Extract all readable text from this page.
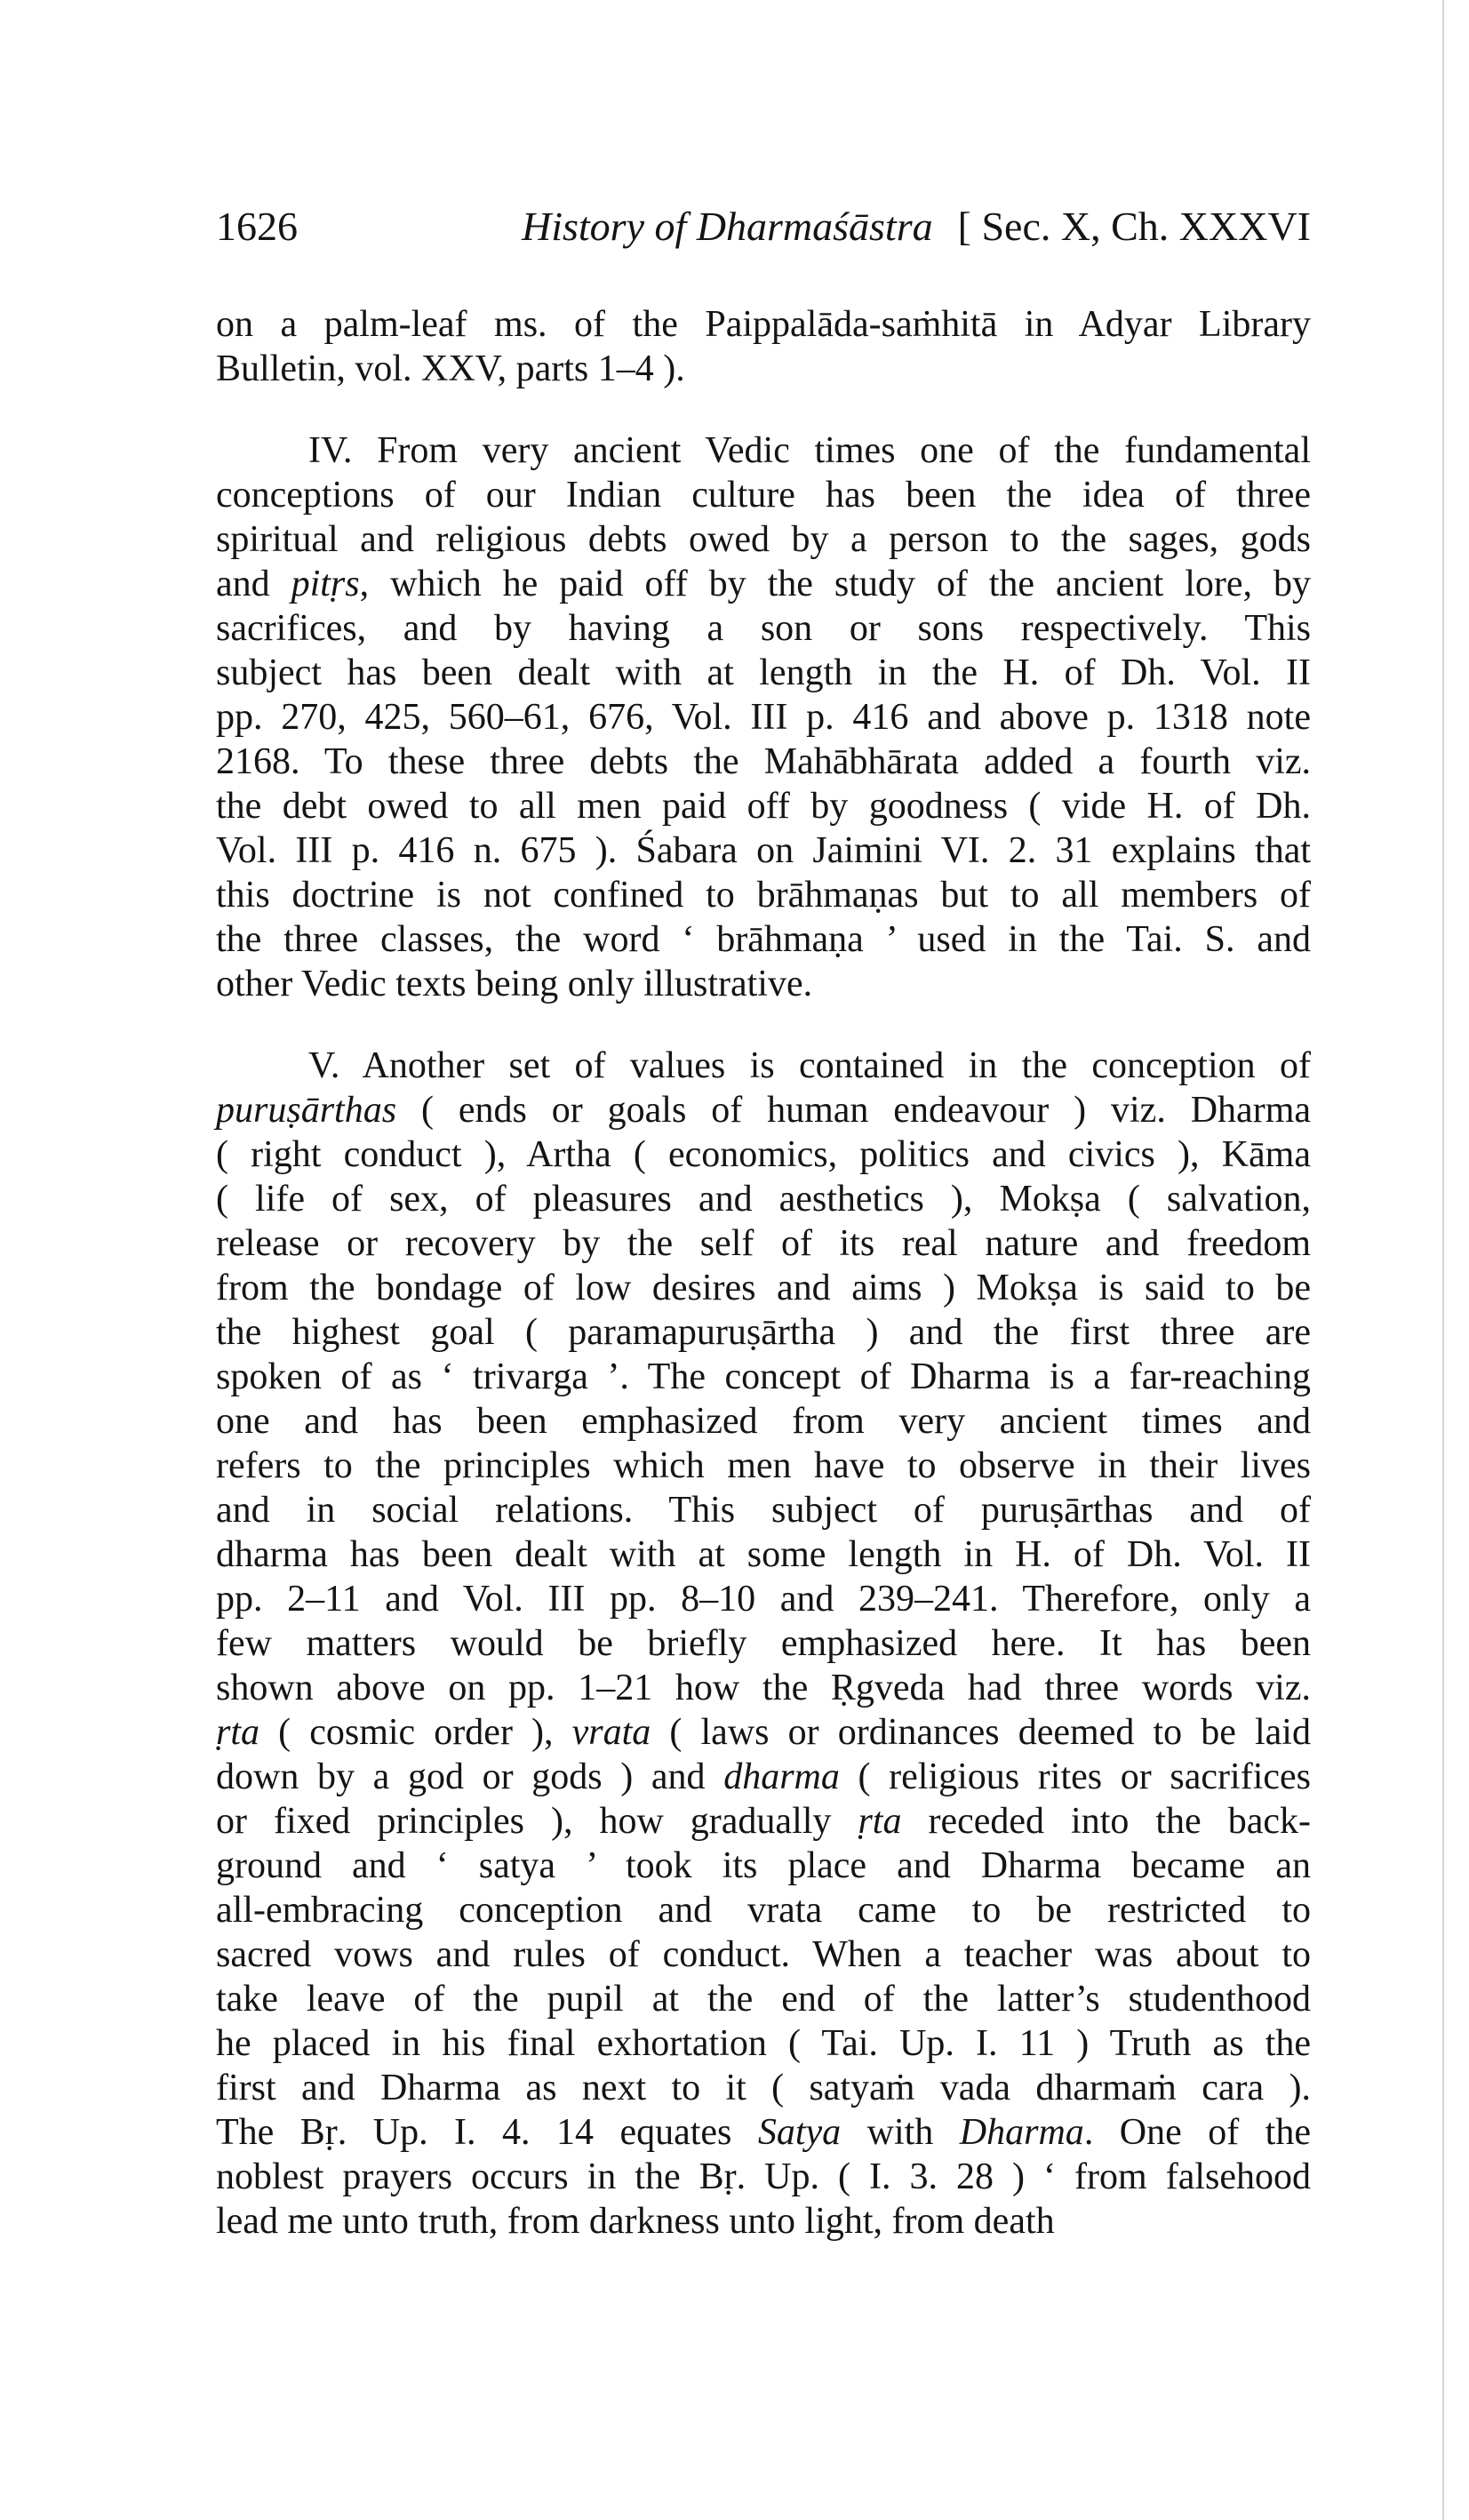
1626	History of Dharmaśāstra [ Sec. X, Ch. XXXVI
on a palm-leaf ms. of the Paippalāda-saṁhitā in Adyar Library
Bulletin, vol. XXV, parts 1–4 ).
IV. From very ancient Vedic times one of the fundamental
conceptions of our Indian culture has been the idea of three
spiritual and religious debts owed by a person to the sages, gods
and pitṛs, which he paid off by the study of the ancient lore, by
sacrifices, and by having a son or sons respectively. This
subject has been dealt with at length in the H. of Dh. Vol. II
pp. 270, 425, 560–61, 676, Vol. III p. 416 and above p. 1318 note
2168. To these three debts the Mahābhārata added a fourth viz.
the debt owed to all men paid off by goodness ( vide H. of Dh.
Vol. III p. 416 n. 675 ). Śabara on Jaimini VI. 2. 31 explains that
this doctrine is not confined to brāhmaṇas but to all members of
the three classes, the word ‘ brāhmaṇa ’ used in the Tai. S. and
other Vedic texts being only illustrative.
V. Another set of values is contained in the conception of
puruṣārthas ( ends or goals of human endeavour ) viz. Dharma
( right conduct ), Artha ( economics, politics and civics ), Kāma
( life of sex, of pleasures and aesthetics ), Mokṣa ( salvation,
release or recovery by the self of its real nature and freedom
from the bondage of low desires and aims ) Mokṣa is said to be
the highest goal ( paramapuruṣārtha ) and the first three are
spoken of as ‘ trivarga ’. The concept of Dharma is a far-reaching
one and has been emphasized from very ancient times and
refers to the principles which men have to observe in their lives
and in social relations. This subject of puruṣārthas and of
dharma has been dealt with at some length in H. of Dh. Vol. II
pp. 2–11 and Vol. III pp. 8–10 and 239–241. Therefore, only a
few matters would be briefly emphasized here. It has been
shown above on pp. 1–21 how the Ṛgveda had three words viz.
ṛta ( cosmic order ), vrata ( laws or ordinances deemed to be laid
down by a god or gods ) and dharma ( religious rites or sacrifices
or fixed principles ), how gradually ṛta receded into the back-
ground and ‘ satya ’ took its place and Dharma became an
all-embracing conception and vrata came to be restricted to
sacred vows and rules of conduct. When a teacher was about to
take leave of the pupil at the end of the latter’s studenthood
he placed in his final exhortation ( Tai. Up. I. 11 ) Truth as the
first and Dharma as next to it ( satyaṁ vada dharmaṁ cara ).
The Bṛ. Up. I. 4. 14 equates Satya with Dharma. One of the
noblest prayers occurs in the Bṛ. Up. ( I. 3. 28 ) ‘ from falsehood
lead me unto truth, from darkness unto light, from death
